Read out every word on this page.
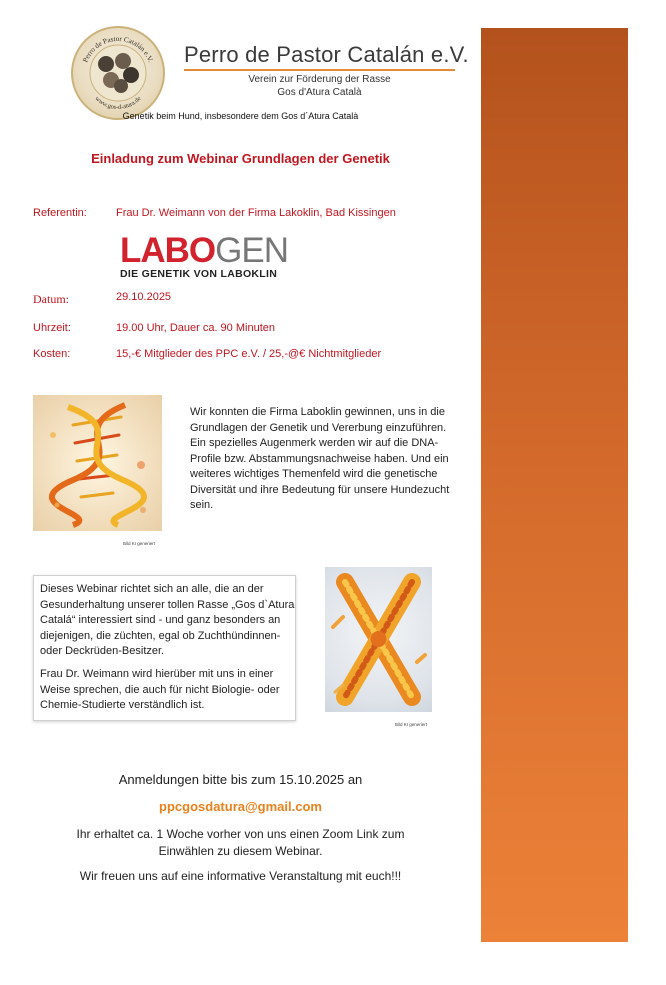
Perro de Pastor Catalán e.V.
www.gos-d-atura.de
Perro de Pastor Catalán e.V.
Verein zur Förderung der Rasse
Gos d'Atura Català
Genetik beim Hund, insbesondere dem Gos d´Atura Català
Einladung zum Webinar Grundlagen der Genetik
Referentin:	Frau Dr. Weimann von der Firma Lakoklin, Bad Kissingen
LABOGEN
DIE GENETIK VON LABOKLIN
Datum:	29.10.2025
Uhrzeit:	19.00 Uhr, Dauer ca. 90 Minuten
Kosten:	15,-€ Mitglieder des PPC e.V. / 25,-@€ Nichtmitglieder
Bild KI generiert
Wir konnten die Firma Laboklin gewinnen, uns in die Grundlagen der Genetik und Vererbung einzuführen. Ein spezielles Augenmerk werden wir auf die DNA-Profile bzw. Abstammungsnachweise haben. Und ein weiteres wichtiges Themenfeld wird die genetische Diversität und ihre Bedeutung für unsere Hundezucht sein.
Dieses Webinar richtet sich an alle, die an der Gesunderhaltung unserer tollen Rasse „Gos d`Atura Catalá“ interessiert sind - und ganz besonders an diejenigen, die züchten, egal ob Zuchthündinnen- oder Deckrüden-Besitzer.
Frau Dr. Weimann wird hierüber mit uns in einer Weise sprechen, die auch für nicht Biologie- oder Chemie-Studierte verständlich ist.
Bild KI generiert
Anmeldungen bitte bis zum 15.10.2025 an
ppcgosdatura@gmail.com
Ihr erhaltet ca. 1 Woche vorher von uns einen Zoom Link zum
Einwählen zu diesem Webinar.
Wir freuen uns auf eine informative Veranstaltung mit euch!!!
